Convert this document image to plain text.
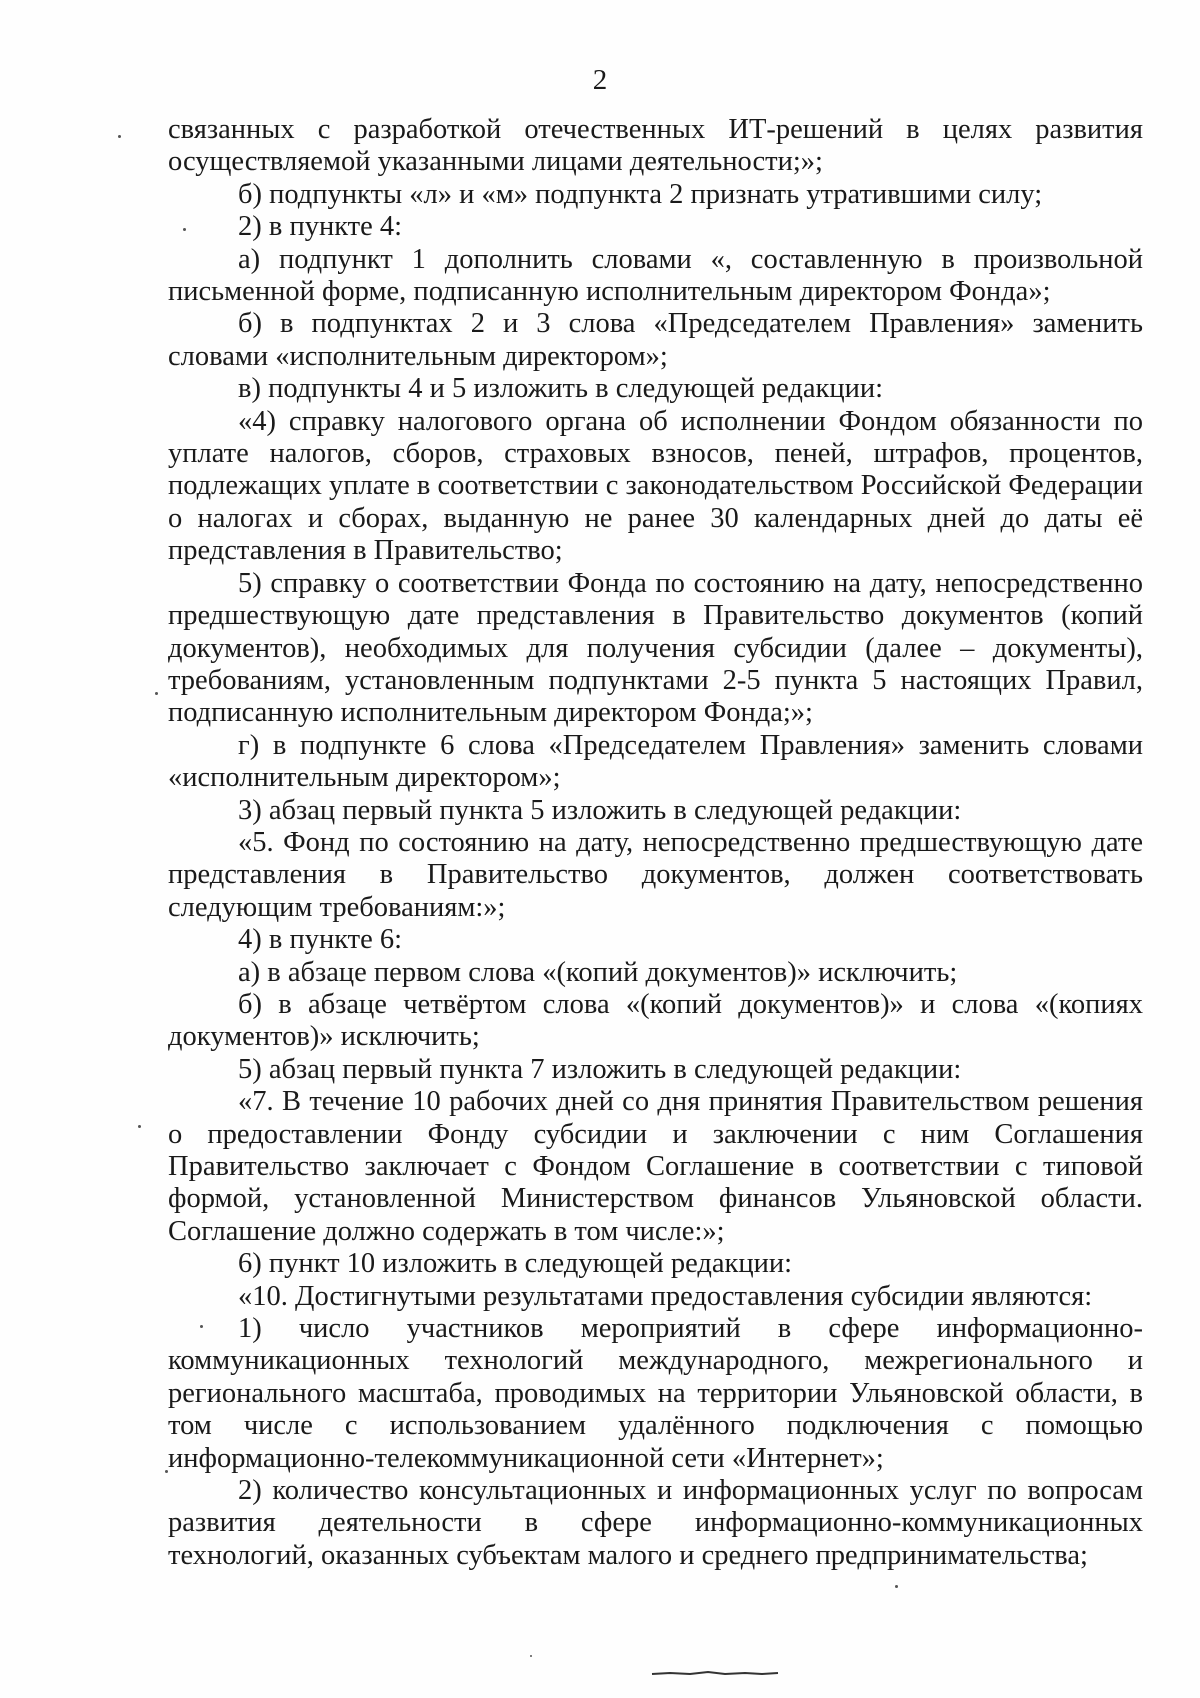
2

связанных с разработкой отечественных ИТ-решений в целях развития осуществляемой указанными лицами деятельности;»;

б) подпункты «л» и «м» подпункта 2 признать утратившими силу;

2) в пункте 4:

а) подпункт 1 дополнить словами «, составленную в произвольной письменной форме, подписанную исполнительным директором Фонда»;

б) в подпунктах 2 и 3 слова «Председателем Правления» заменить словами «исполнительным директором»;

в) подпункты 4 и 5 изложить в следующей редакции:

«4) справку налогового органа об исполнении Фондом обязанности по уплате налогов, сборов, страховых взносов, пеней, штрафов, процентов, подлежащих уплате в соответствии с законодательством Российской Федерации о налогах и сборах, выданную не ранее 30 календарных дней до даты её представления в Правительство;

5) справку о соответствии Фонда по состоянию на дату, непосредственно предшествующую дате представления в Правительство документов (копий документов), необходимых для получения субсидии (далее – документы), требованиям, установленным подпунктами 2-5 пункта 5 настоящих Правил, подписанную исполнительным директором Фонда;»;

г) в подпункте 6 слова «Председателем Правления» заменить словами «исполнительным директором»;

3) абзац первый пункта 5 изложить в следующей редакции:

«5. Фонд по состоянию на дату, непосредственно предшествующую дате представления в Правительство документов, должен соответствовать следующим требованиям:»;

4) в пункте 6:

а) в абзаце первом слова «(копий документов)» исключить;

б) в абзаце четвёртом слова «(копий документов)» и слова «(копиях документов)» исключить;

5) абзац первый пункта 7 изложить в следующей редакции:

«7. В течение 10 рабочих дней со дня принятия Правительством решения о предоставлении Фонду субсидии и заключении с ним Соглашения Правительство заключает с Фондом Соглашение в соответствии с типовой формой, установленной Министерством финансов Ульяновской области. Соглашение должно содержать в том числе:»;

6) пункт 10 изложить в следующей редакции:

«10. Достигнутыми результатами предоставления субсидии являются:

1) число участников мероприятий в сфере информационно-коммуникационных технологий международного, межрегионального и регионального масштаба, проводимых на территории Ульяновской области, в том числе с использованием удалённого подключения с помощью информационно-телекоммуникационной сети «Интернет»;

2) количество консультационных и информационных услуг по вопросам развития деятельности в сфере информационно-коммуникационных технологий, оказанных субъектам малого и среднего предпринимательства;
